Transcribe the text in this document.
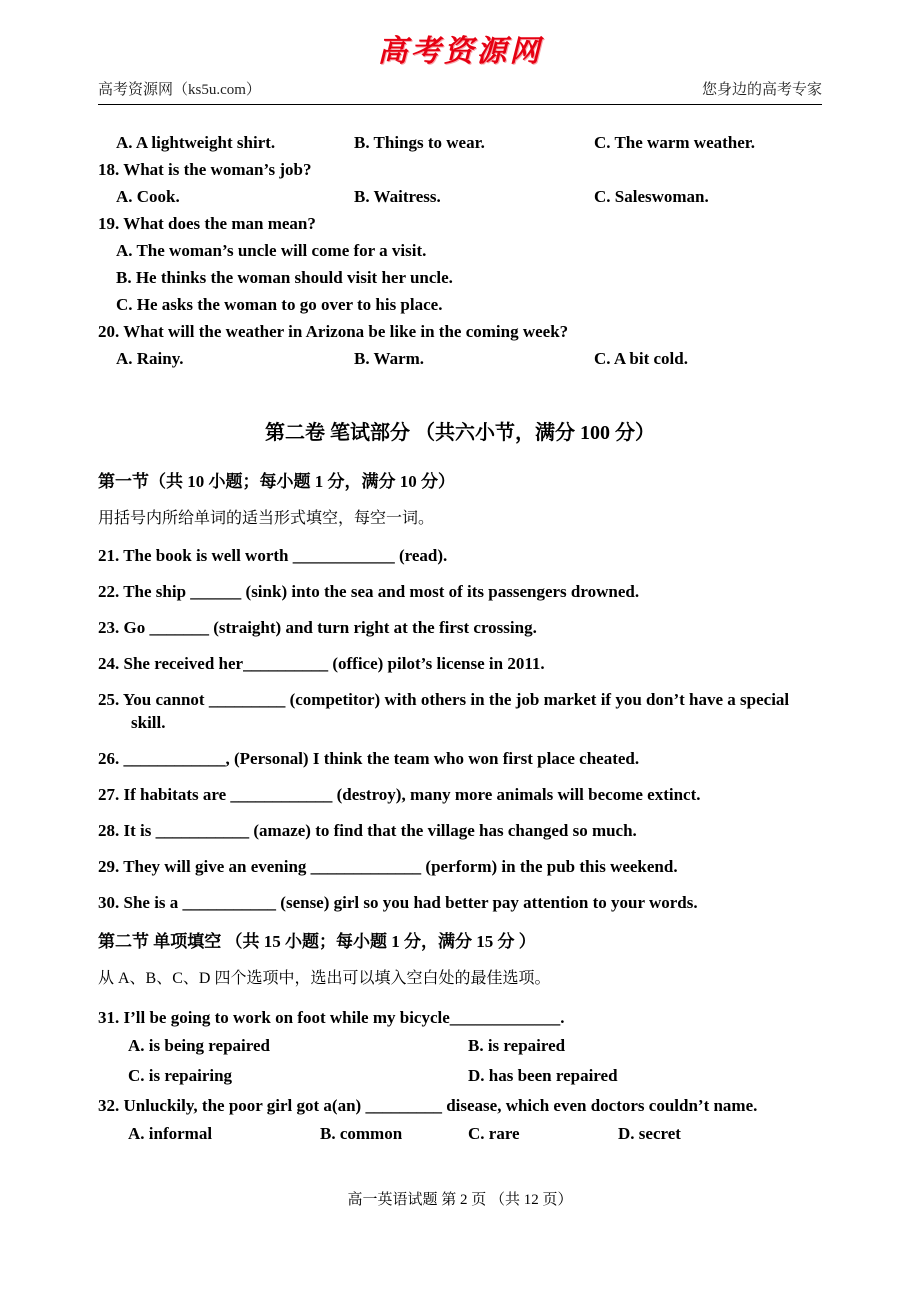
高考资源网
高考资源网（ks5u.com）	您身边的高考专家
A. A lightweight shirt.	B. Things to wear.	C. The warm weather.
18. What is the woman’s job?
A. Cook.	B. Waitress.	C. Saleswoman.
19. What does the man mean?
A. The woman’s uncle will come for a visit.
B. He thinks the woman should visit her uncle.
C. He asks the woman to go over to his place.
20. What will the weather in Arizona be like in the coming week?
A. Rainy.	B. Warm.	C. A bit cold.
第二卷 笔试部分 （共六小节，满分 100 分）
第一节（共 10 小题；每小题 1 分，满分 10 分）
用括号内所给单词的适当形式填空，每空一词。
21. The book is well worth ____________ (read).
22. The ship ______ (sink) into the sea and most of its passengers drowned.
23. Go _______ (straight) and turn right at the first crossing.
24. She received her__________ (office) pilot’s license in 2011.
25. You cannot _________ (competitor) with others in the job market if you don’t have a special skill.
26. ____________, (Personal) I think the team who won first place cheated.
27. If habitats are ____________ (destroy), many more animals will become extinct.
28. It is ___________ (amaze) to find that the village has changed so much.
29. They will give an evening _____________ (perform) in the pub this weekend.
30. She is a ___________ (sense) girl so you had better pay attention to your words.
第二节 单项填空 （共 15 小题；每小题 1 分，满分 15 分 ）
从 A、B、C、D 四个选项中，选出可以填入空白处的最佳选项。
31. I’ll be going to work on foot while my bicycle_____________.
A. is being repaired	B. is repaired
C. is repairing	D. has been repaired
32. Unluckily, the poor girl got a(an) _________ disease, which even doctors couldn’t name.
A. informal	B. common	C. rare	D. secret
高一英语试题 第 2 页 （共 12 页）
